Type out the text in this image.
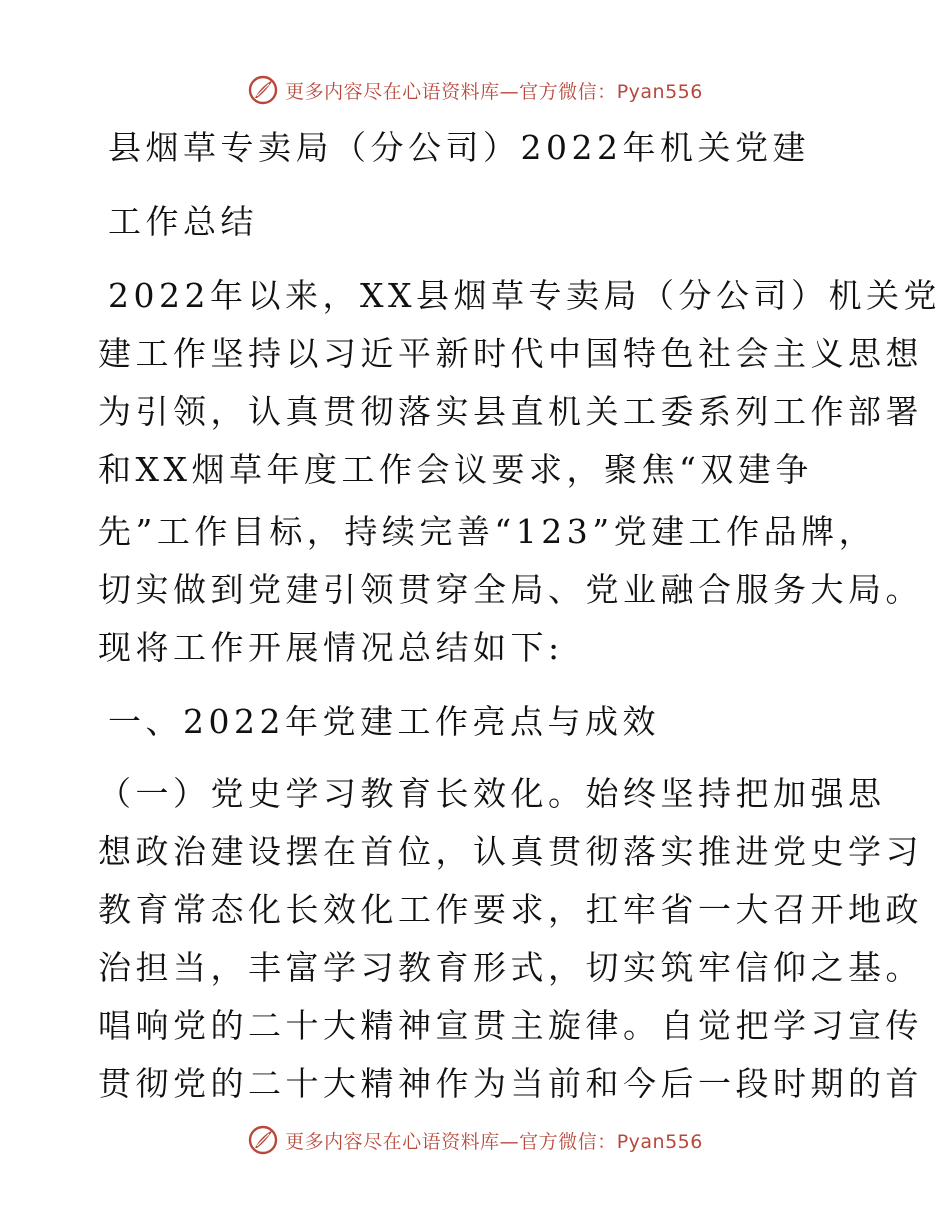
更多内容尽在心语资料库—官方微信：Pyan556
县烟草专卖局（分公司）2022年机关党建
工作总结
2022年以来，XX县烟草专卖局（分公司）机关党
建工作坚持以习近平新时代中国特色社会主义思想
为引领，认真贯彻落实县直机关工委系列工作部署
和XX烟草年度工作会议要求，聚焦“双建争
先”工作目标，持续完善“123”党建工作品牌，
切实做到党建引领贯穿全局、党业融合服务大局。
现将工作开展情况总结如下:
一、2022年党建工作亮点与成效
（一）党史学习教育长效化。始终坚持把加强思
想政治建设摆在首位，认真贯彻落实推进党史学习
教育常态化长效化工作要求，扛牢省一大召开地政
治担当，丰富学习教育形式，切实筑牢信仰之基。
唱响党的二十大精神宣贯主旋律。自觉把学习宣传
贯彻党的二十大精神作为当前和今后一段时期的首
更多内容尽在心语资料库—官方微信：Pyan556
